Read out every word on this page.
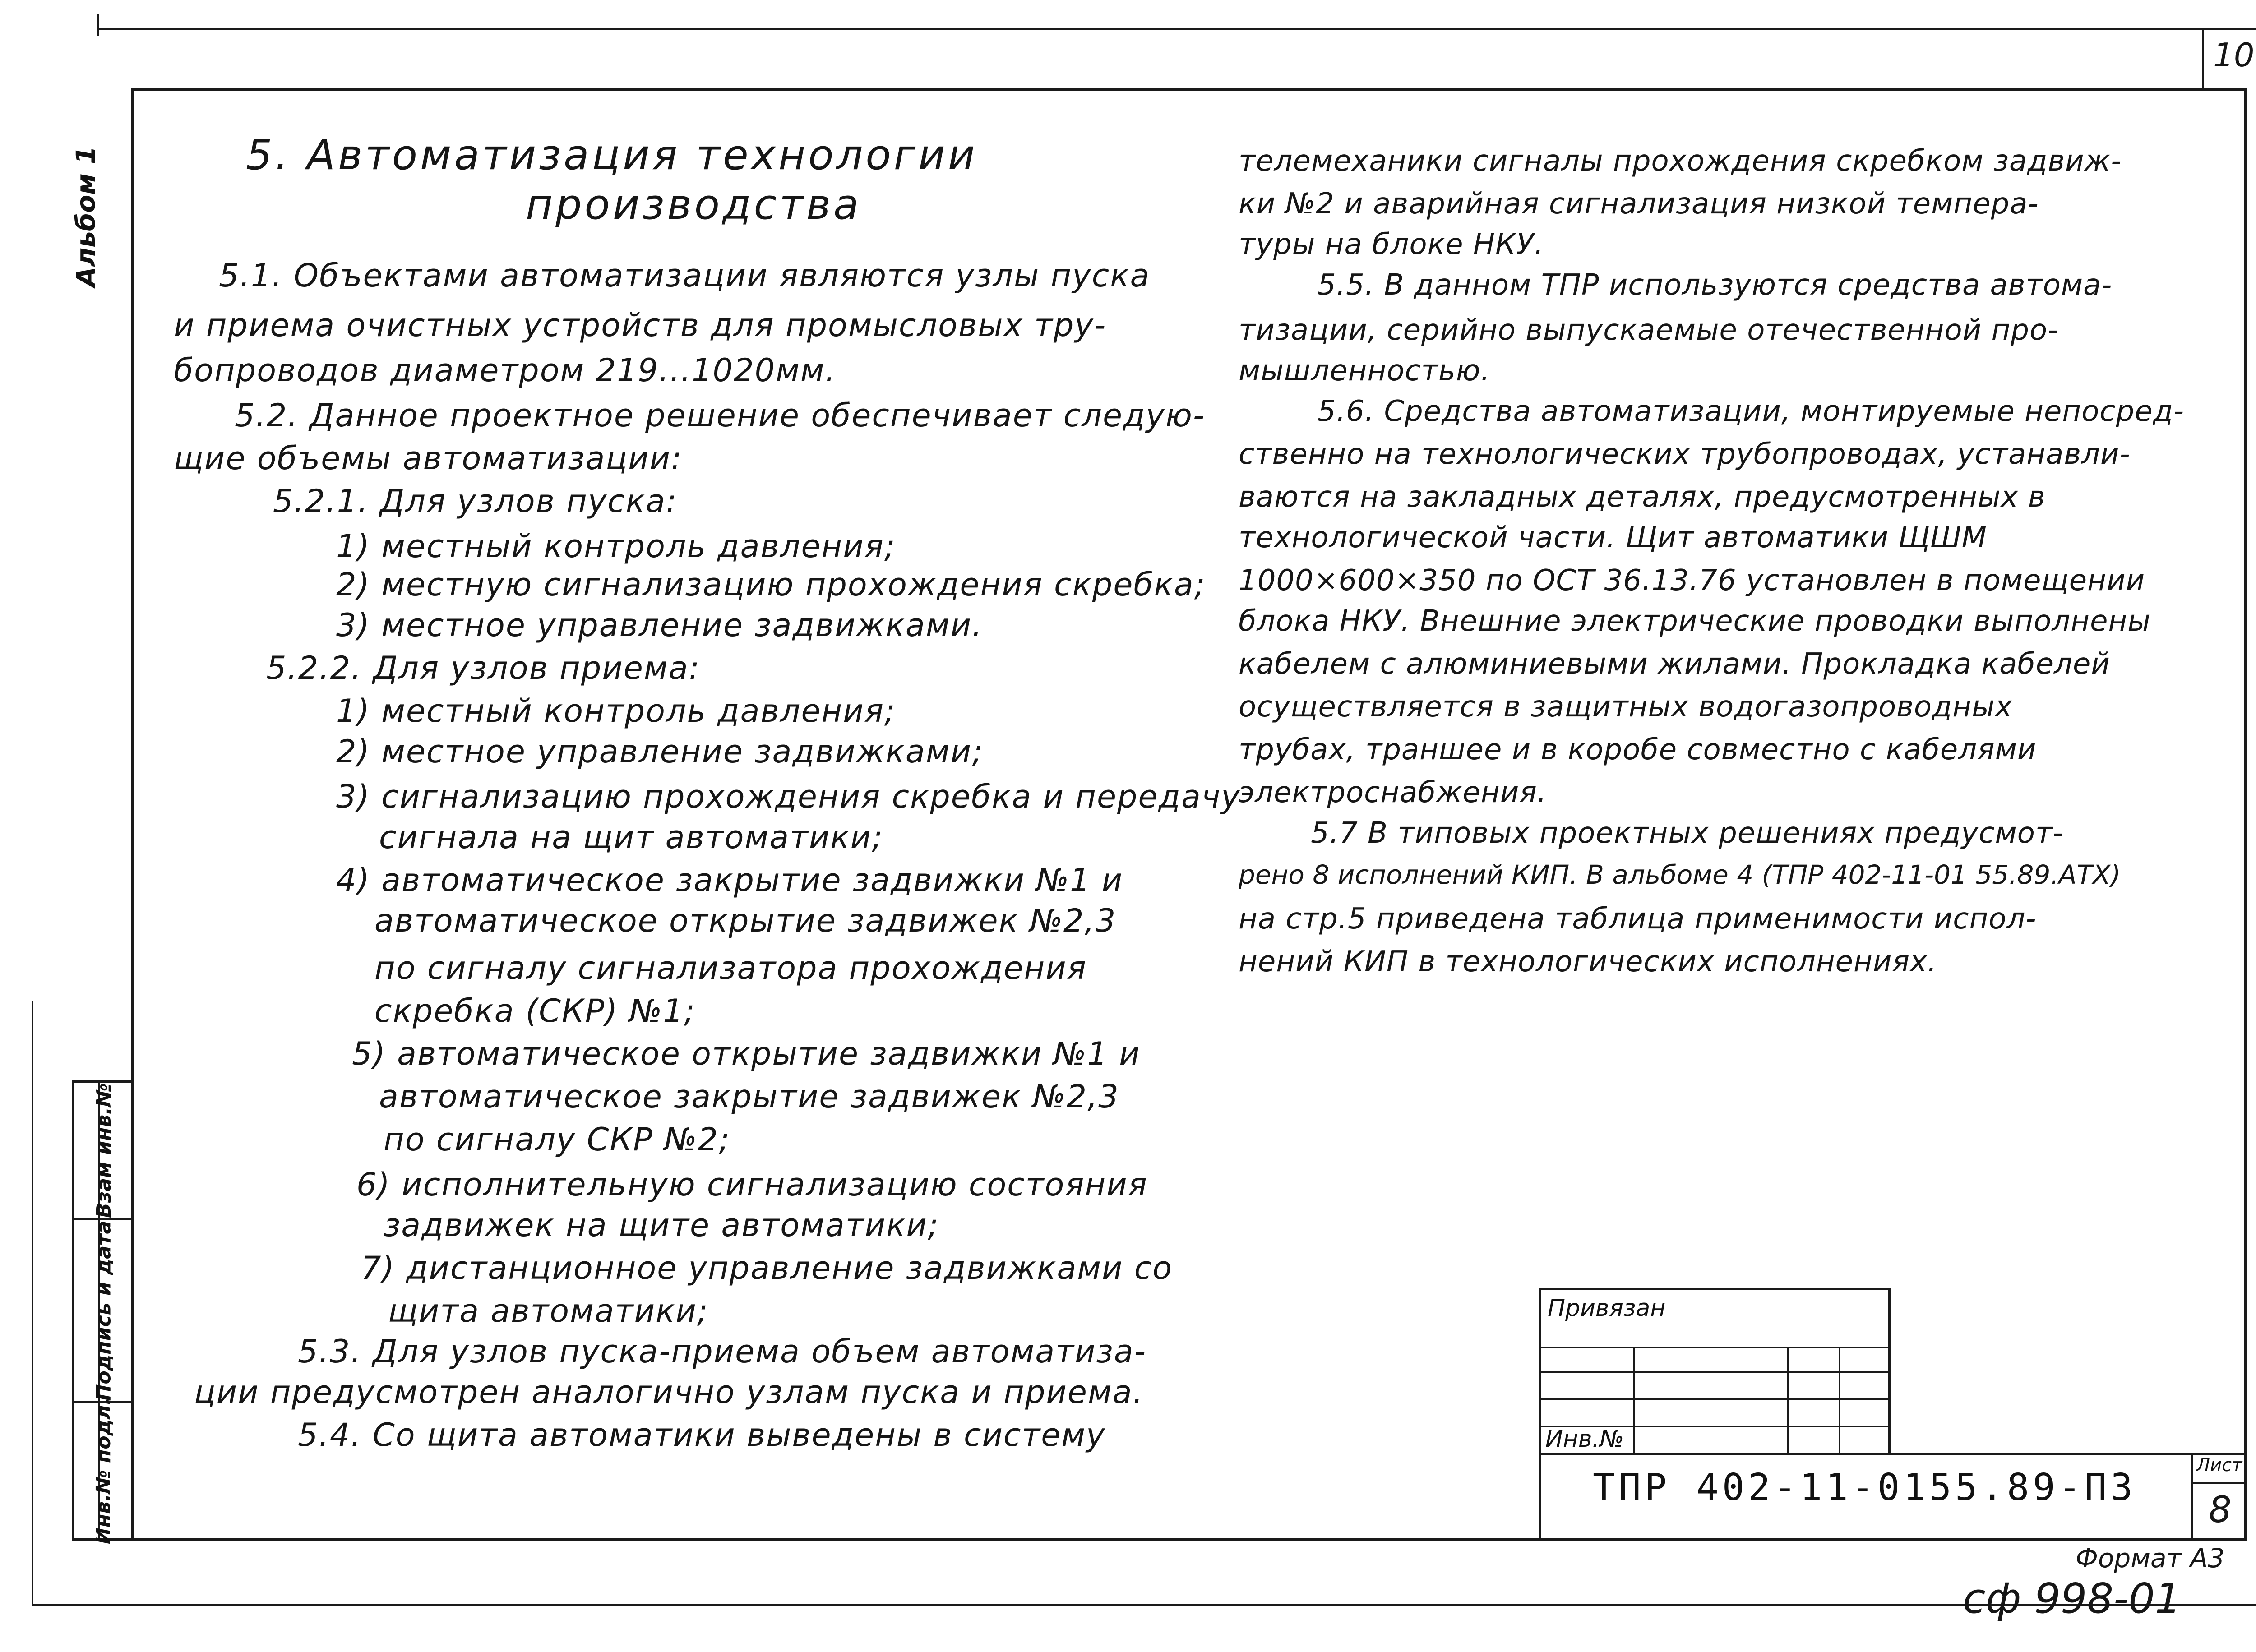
10
Альбом 1
Взам инв.№
Подпись и дата
Инв.№ подл.
5. Автоматизация технологии
производства
5.1. Объектами автоматизации являются узлы пуска
и приема очистных устройств для промысловых тру-
бопроводов диаметром 219...1020мм.
5.2. Данное проектное решение обеспечивает следую-
щие объемы автоматизации:
5.2.1. Для узлов пуска:
1) местный контроль давления;
2) местную сигнализацию прохождения скребка;
3) местное управление задвижками.
5.2.2. Для узлов приема:
1) местный контроль давления;
2) местное управление задвижками;
3) сигнализацию прохождения скребка и передачу
сигнала на щит автоматики;
4) автоматическое закрытие задвижки №1 и
автоматическое открытие задвижек №2,3
по сигналу сигнализатора прохождения
скребка (СКР) №1;
5) автоматическое открытие задвижки №1 и
автоматическое закрытие задвижек №2,3
по сигналу СКР №2;
6) исполнительную сигнализацию состояния
задвижек на щите автоматики;
7) дистанционное управление задвижками со
щита автоматики;
5.3. Для узлов пуска-приема объем автоматиза-
ции предусмотрен аналогично узлам пуска и приема.
5.4. Со щита автоматики выведены в систему
телемеханики сигналы прохождения скребком задвиж-
ки №2 и аварийная сигнализация низкой темпера-
туры на блоке НКУ.
5.5. В данном ТПР используются средства автома-
тизации, серийно выпускаемые отечественной про-
мышленностью.
5.6. Средства автоматизации, монтируемые непосред-
ственно на технологических трубопроводах, устанавли-
ваются на закладных деталях, предусмотренных в
технологической части. Щит автоматики ЩШМ
1000×600×350 по ОСТ 36.13.76 установлен в помещении
блока НКУ. Внешние электрические проводки выполнены
кабелем с алюминиевыми жилами. Прокладка кабелей
осуществляется в защитных водогазопроводных
трубах, траншее и в коробе совместно с кабелями
электроснабжения.
5.7 В типовых проектных решениях предусмот-
рено 8 исполнений КИП. В альбоме 4 (ТПР 402-11-01 55.89.АТХ)
на стр.5 приведена таблица применимости испол-
нений КИП в технологических исполнениях.
Привязан
Инв.№
ТПР 402-11-0155.89-ПЗ
Лист
8
Формат А3
сф 998-01
